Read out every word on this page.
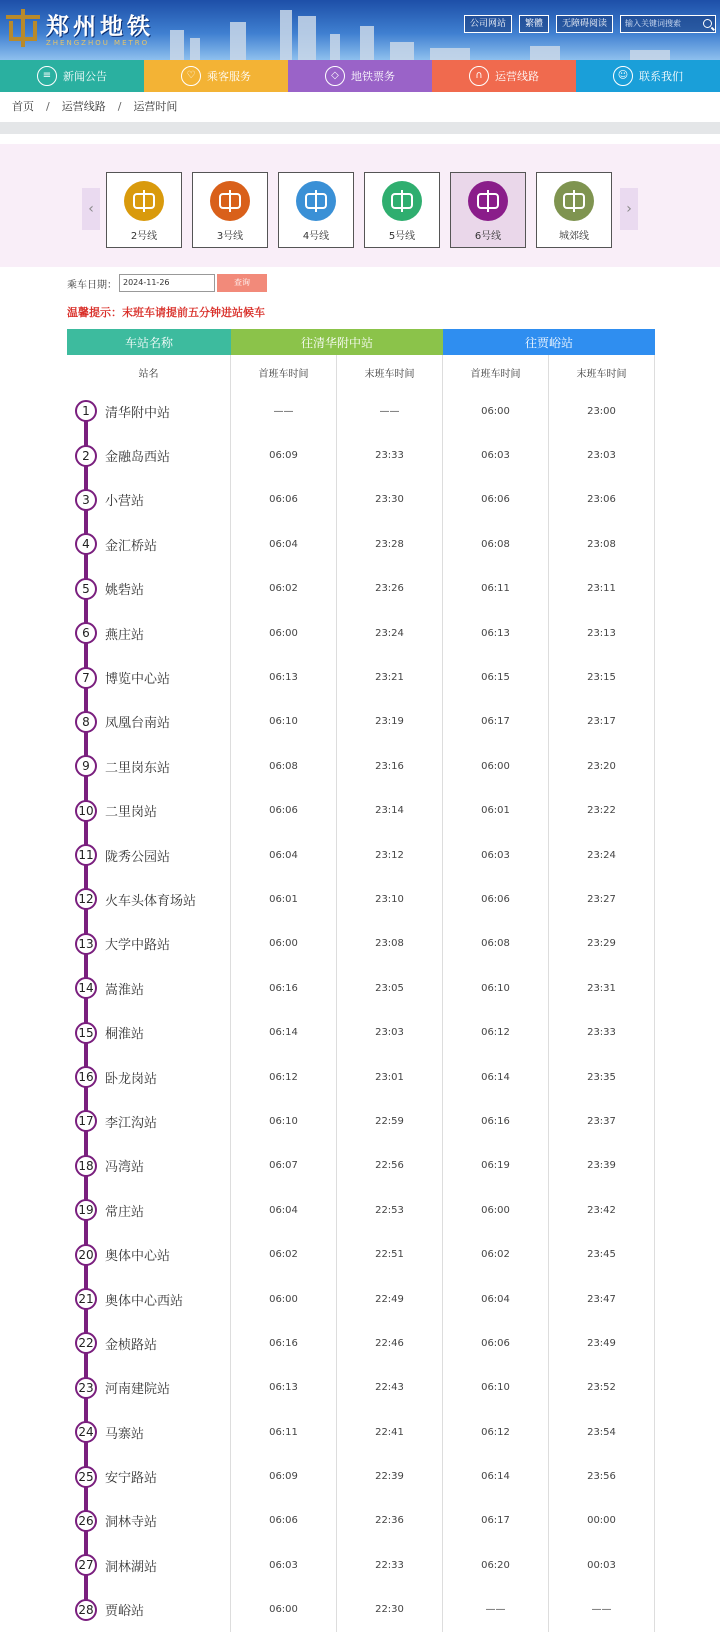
郑州地铁
ZHENGZHOU METRO
公司网站	繁體	无障碍阅读	输入关键词搜索
≡	新闻公告	♡	乘客服务	◇	地铁票务	∩	运营线路	☺ 联系我们
首页 / 运营线路 / 运营时间
‹
2号线	3号线	4号线	5号线	6号线	城郊线
›
乘车日期： 2024-11-26	查询
温馨提示：末班车请提前五分钟进站候车
车站名称	往清华附中站	往贾峪站
站名	首班车时间	末班车时间	首班车时间	末班车时间
1	清华附中站	——	——	06:00	23:00
2	金融岛西站	06:09	23:33	06:03	23:03
3	小营站	06:06	23:30	06:06	23:06
4	金汇桥站	06:04	23:28	06:08	23:08
5	姚砦站	06:02	23:26	06:11	23:11
6	燕庄站	06:00	23:24	06:13	23:13
7	博览中心站	06:13	23:21	06:15	23:15
8	凤凰台南站	06:10	23:19	06:17	23:17
9	二里岗东站	06:08	23:16	06:00	23:20
10 二里岗站	06:06	23:14	06:01	23:22
11 陇秀公园站	06:04	23:12	06:03	23:24
12 火车头体育场站	06:01	23:10	06:06	23:27
13 大学中路站	06:00	23:08	06:08	23:29
14 嵩淮站	06:16	23:05	06:10	23:31
15 桐淮站	06:14	23:03	06:12	23:33
16 卧龙岗站	06:12	23:01	06:14	23:35
17 李江沟站	06:10	22:59	06:16	23:37
18 冯湾站	06:07	22:56	06:19	23:39
19 常庄站	06:04	22:53	06:00	23:42
20 奥体中心站	06:02	22:51	06:02	23:45
21 奥体中心西站	06:00	22:49	06:04	23:47
22 金桢路站	06:16	22:46	06:06	23:49
23 河南建院站	06:13	22:43	06:10	23:52
24 马寨站	06:11	22:41	06:12	23:54
25 安宁路站	06:09	22:39	06:14	23:56
26 洞林寺站	06:06	22:36	06:17	00:00
27 洞林湖站	06:03	22:33	06:20	00:03
28 贾峪站	06:00	22:30	——	——
